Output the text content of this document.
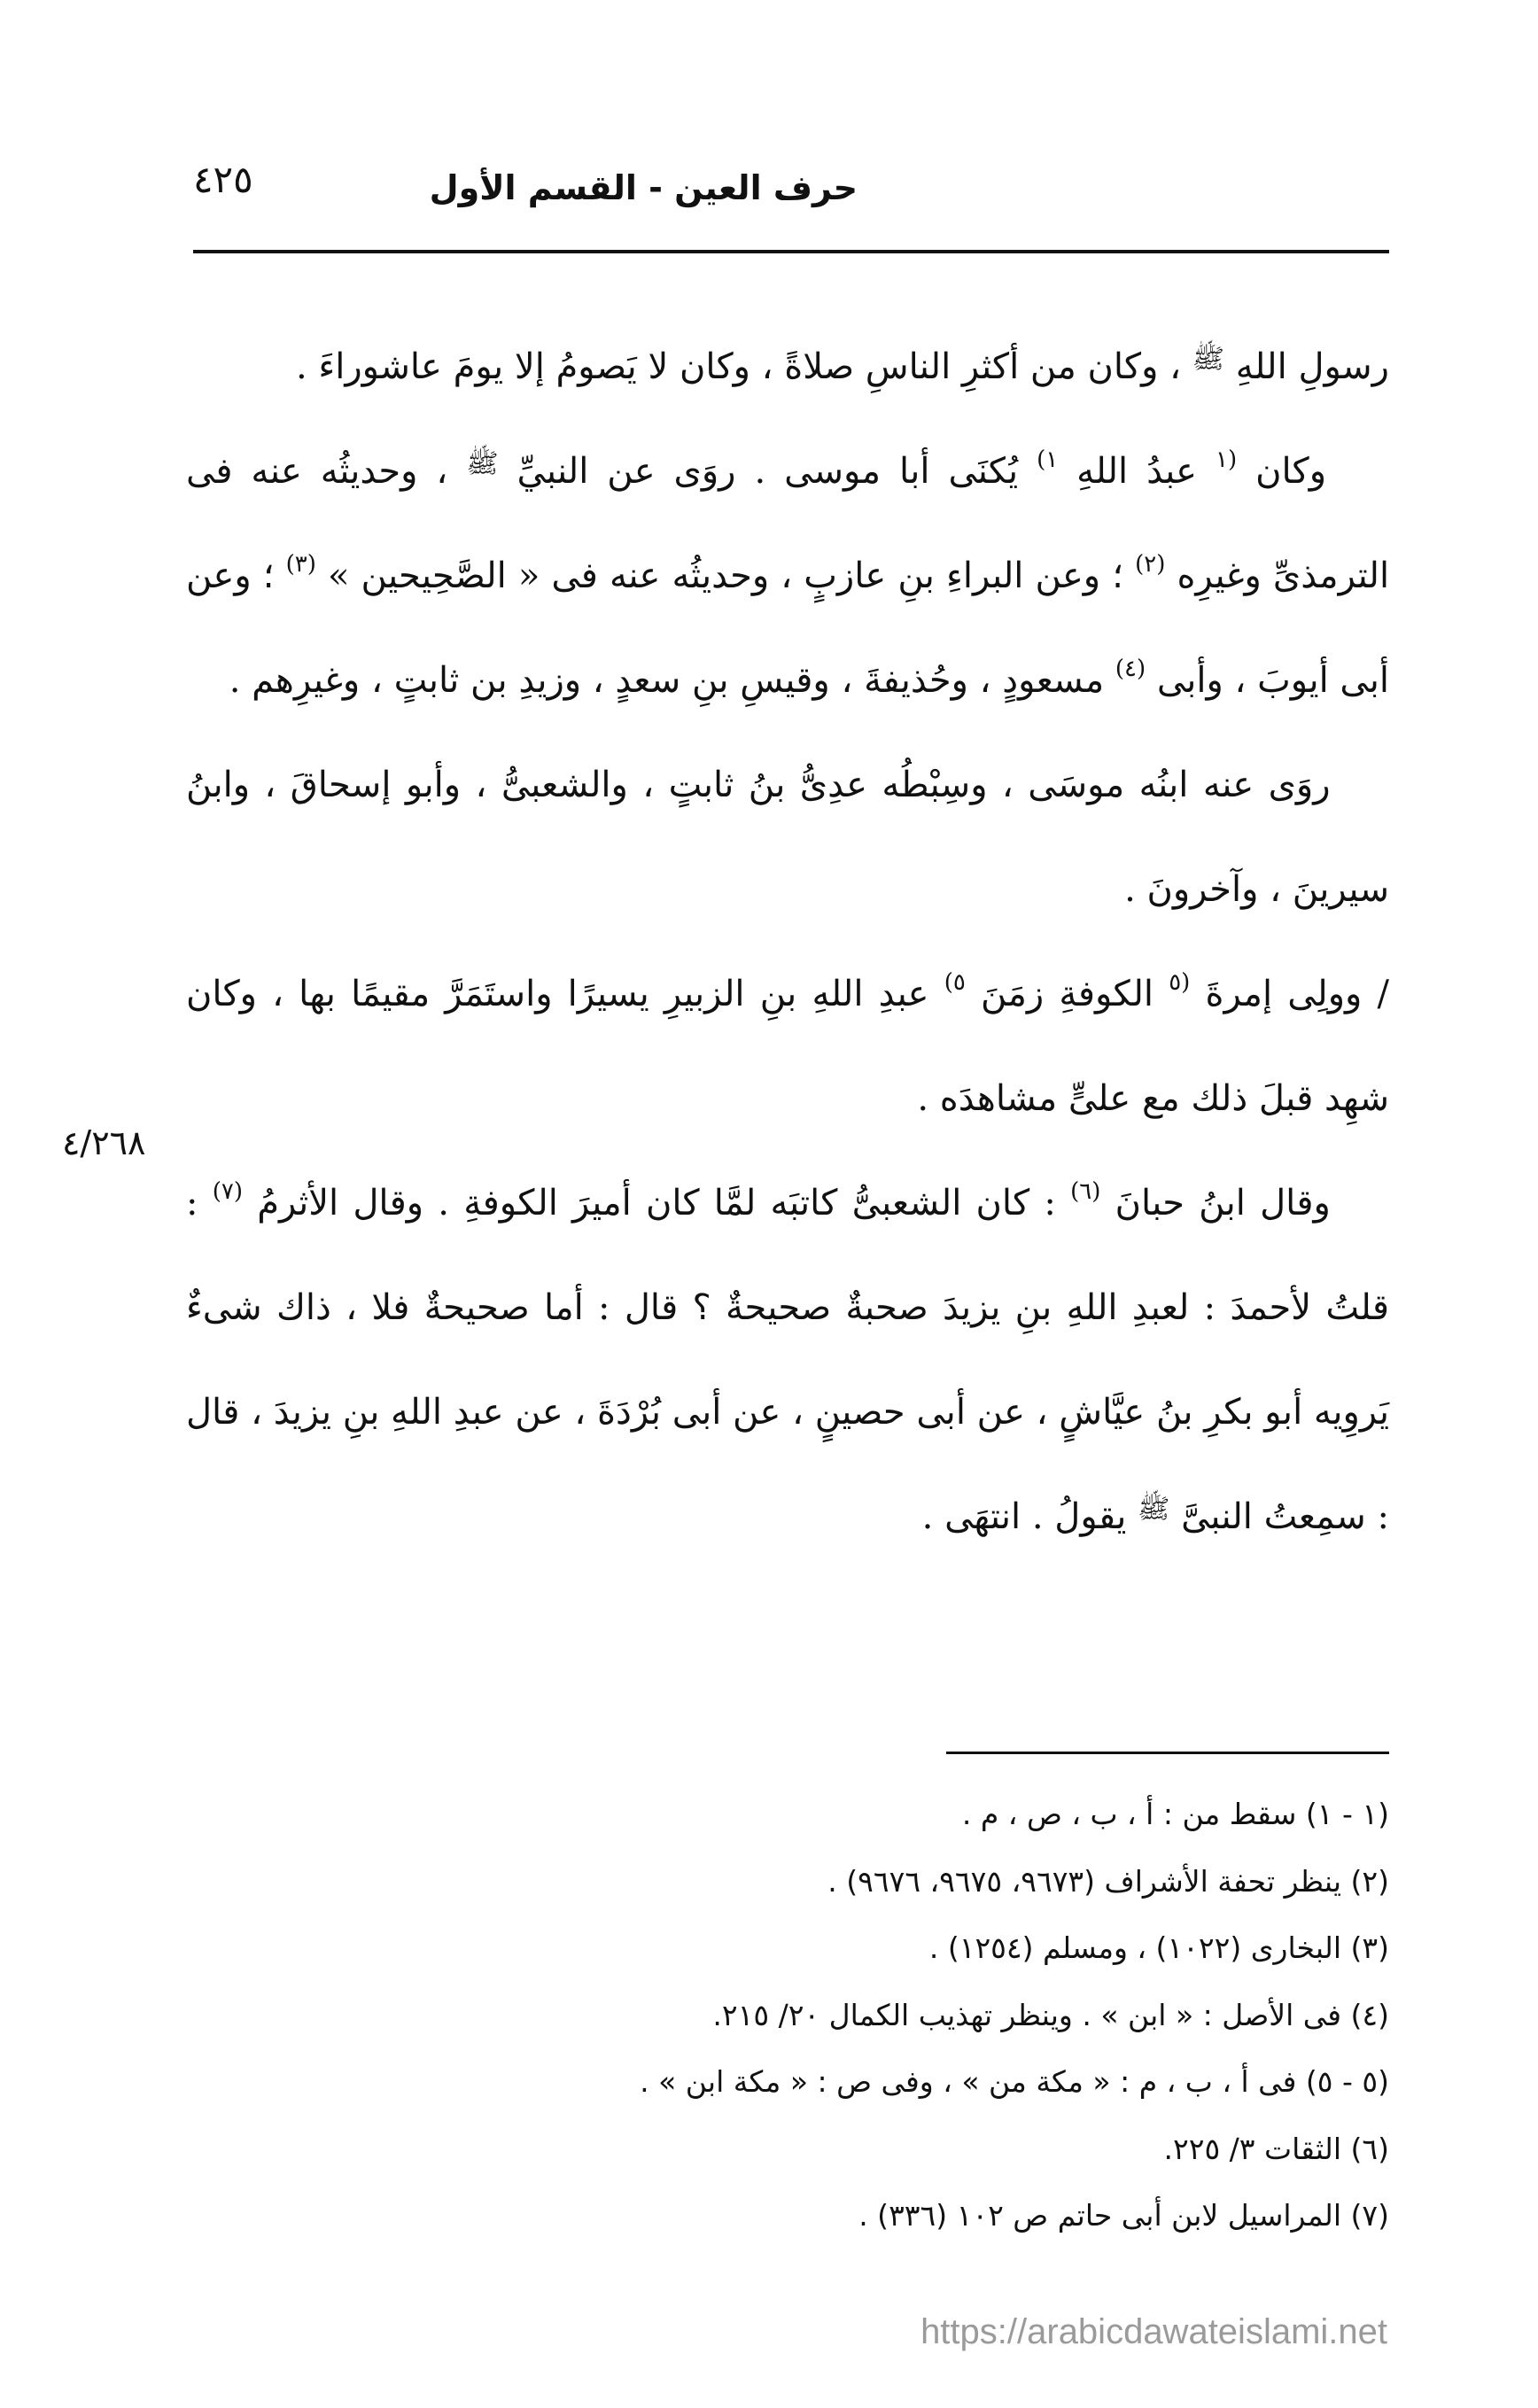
حرف العين - القسم الأول
٤٢٥

رسولِ اللهِ $^ﷺ$ ، وكان من أكثرِ الناسِ صلاةً ، وكان لا يَصومُ إلا يومَ عاشوراءَ .

وكان $^{(١}$ عبدُ اللهِ $^{١)}$ يُكنَى أبا موسى . روَى عن النبيِّ $^ﷺ$ ، وحديثُه عنه فى الترمذىِّ وغيرِه $^{(٢)}$ ؛ وعن البراءِ بنِ عازبٍ ، وحديثُه عنه فى « الصَّحِيحين » $^{(٣)}$ ؛ وعن أبى أيوبَ ، وأبى $^{(٤)}$ مسعودٍ ، وحُذيفةَ ، وقيسِ بنِ سعدٍ ، وزيدِ بن ثابتٍ ، وغيرِهم .

روَى عنه ابنُه موسَى ، وسِبْطُه عدِىُّ بنُ ثابتٍ ، والشعبىُّ ، وأبو إسحاقَ ، وابنُ سيرينَ ، وآخرونَ .

/ وولِى إمرةَ $^{(٥}$ الكوفةِ زمَنَ $^{٥)}$ عبدِ اللهِ بنِ الزبيرِ يسيرًا واستَمَرَّ مقيمًا بها ، وكان شهِد قبلَ ذلك مع علىٍّ مشاهدَه .

وقال ابنُ حبانَ $^{(٦)}$ : كان الشعبىُّ كاتبَه لمَّا كان أميرَ الكوفةِ . وقال الأثرمُ $^{(٧)}$ : قلتُ لأحمدَ : لعبدِ اللهِ بنِ يزيدَ صحبةٌ صحيحةٌ ؟ قال : أما صحيحةٌ فلا ، ذاك شىءٌ يَروِيه أبو بكرِ بنُ عيَّاشٍ ، عن أبى حصينٍ ، عن أبى بُرْدَةَ ، عن عبدِ اللهِ بنِ يزيدَ ، قال : سمِعتُ النبىَّ $^ﷺ$ يقولُ . انتهَى .

٤/٢٦٨

(١ - ١) سقط من : أ ، ب ، ص ، م .

(٢) ينظر تحفة الأشراف (٩٦٧٣، ٩٦٧٥، ٩٦٧٦) .

(٣) البخارى (١٠٢٢) ، ومسلم (١٢٥٤) .

(٤) فى الأصل : « ابن » . وينظر تهذيب الكمال ٢٠/ ٢١٥.

(٥ - ٥) فى أ ، ب ، م : « مكة من » ، وفى ص : « مكة ابن » .

(٦) الثقات ٣/ ٢٢٥.

(٧) المراسيل لابن أبى حاتم ص ١٠٢ (٣٣٦) .

https://arabicdawateislami.net
